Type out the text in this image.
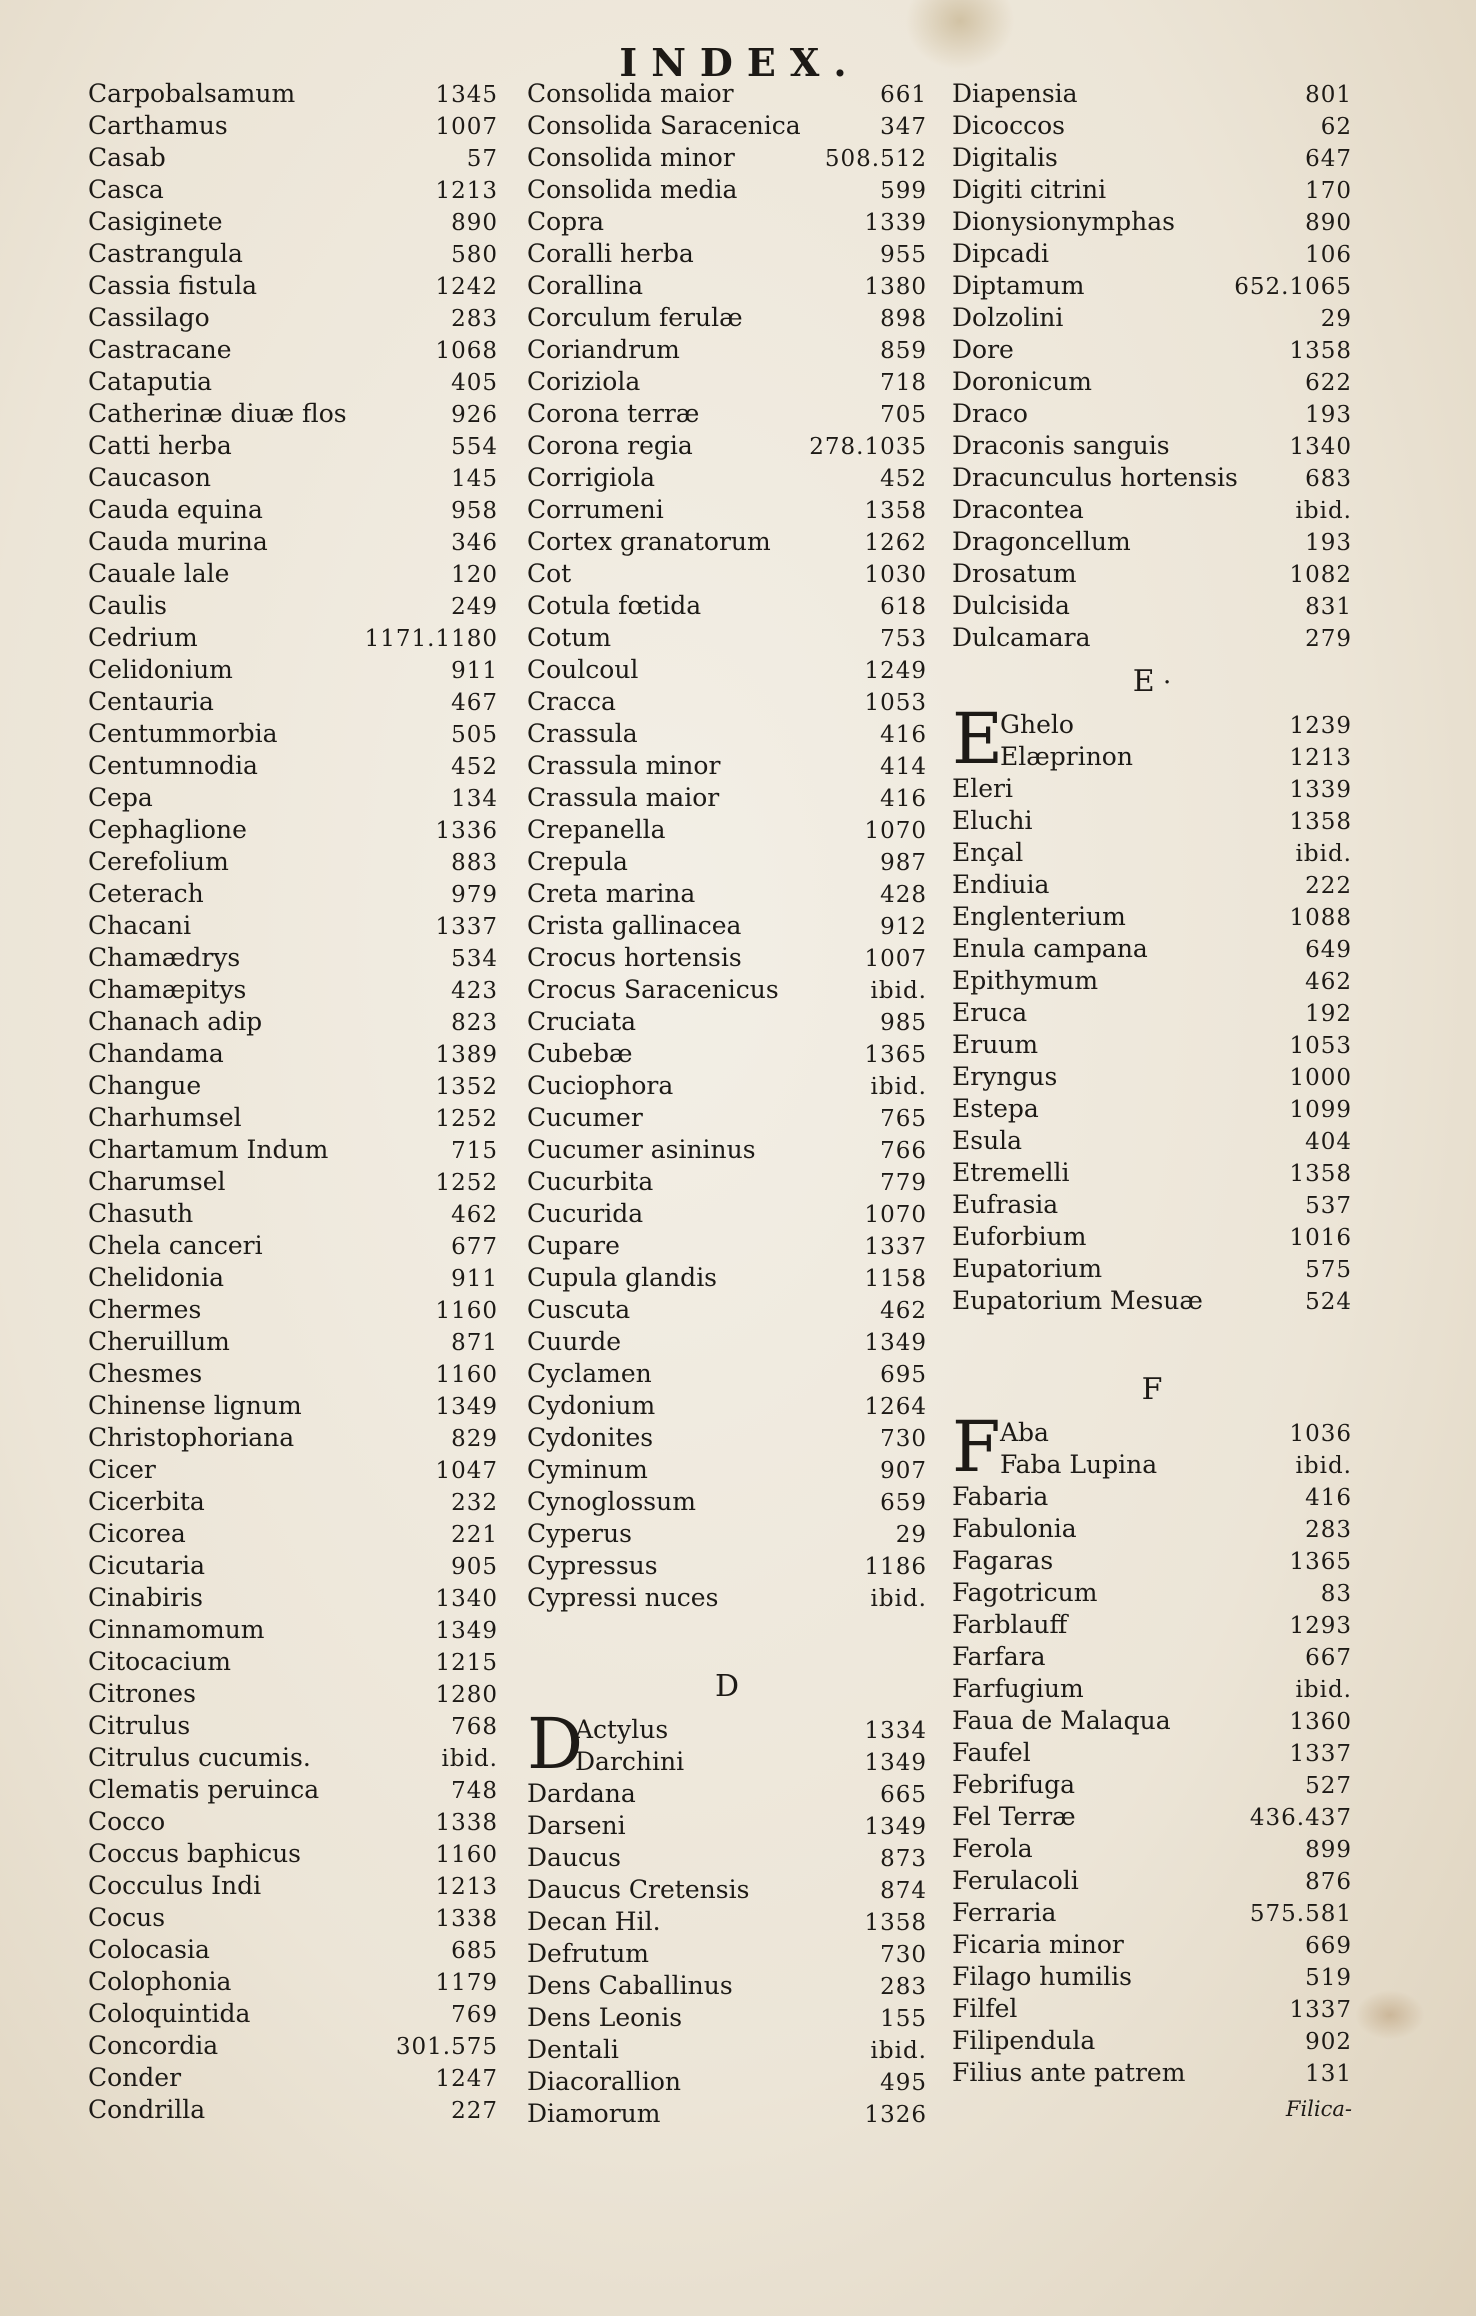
INDEX.
Carpobalsamum	1345
Carthamus	1007
Casab	57
Casca	1213
Casiginete	890
Castrangula	580
Cassia fistula	1242
Cassilago	283
Castracane	1068
Cataputia	405
Catherinæ diuæ flos	926
Catti herba	554
Caucason	145
Cauda equina	958
Cauda murina	346
Cauale lale	120
Caulis	249
Cedrium	1171.1180
Celidonium	911
Centauria	467
Centummorbia	505
Centumnodia	452
Cepa	134
Cephaglione	1336
Cerefolium	883
Ceterach	979
Chacani	1337
Chamædrys	534
Chamæpitys	423
Chanach adip	823
Chandama	1389
Changue	1352
Charhumsel	1252
Chartamum Indum	715
Charumsel	1252
Chasuth	462
Chela canceri	677
Chelidonia	911
Chermes	1160
Cheruillum	871
Chesmes	1160
Chinense lignum	1349
Christophoriana	829
Cicer	1047
Cicerbita	232
Cicorea	221
Cicutaria	905
Cinabiris	1340
Cinnamomum	1349
Citocacium	1215
Citrones	1280
Citrulus	768
Citrulus cucumis.	ibid.
Clematis peruinca	748
Cocco	1338
Coccus baphicus	1160
Cocculus Indi	1213
Cocus	1338
Colocasia	685
Colophonia	1179
Coloquintida	769
Concordia	301.575
Conder	1247
Condrilla	227
Consolida maior	661
Consolida Saracenica	347
Consolida minor	508.512
Consolida media	599
Copra	1339
Coralli herba	955
Corallina	1380
Corculum ferulæ	898
Coriandrum	859
Coriziola	718
Corona terræ	705
Corona regia	278.1035
Corrigiola	452
Corrumeni	1358
Cortex granatorum	1262
Cot	1030
Cotula fœtida	618
Cotum	753
Coulcoul	1249
Cracca	1053
Crassula	416
Crassula minor	414
Crassula maior	416
Crepanella	1070
Crepula	987
Creta marina	428
Crista gallinacea	912
Crocus hortensis	1007
Crocus Saracenicus	ibid.
Cruciata	985
Cubebæ	1365
Cuciophora	ibid.
Cucumer	765
Cucumer asininus	766
Cucurbita	779
Cucurida	1070
Cupare	1337
Cupula glandis	1158
Cuscuta	462
Cuurde	1349
Cyclamen	695
Cydonium	1264
Cydonites	730
Cyminum	907
Cynoglossum	659
Cyperus	29
Cypressus	1186
Cypressi nuces	ibid.
D
D
Actylus	1334
Darchini	1349
Dardana	665
Darseni	1349
Daucus	873
Daucus Cretensis	874
Decan Hil.	1358
Defrutum	730
Dens Caballinus	283
Dens Leonis	155
Dentali	ibid.
Diacorallion	495
Diamorum	1326
Diapensia	801
Dicoccos	62
Digitalis	647
Digiti citrini	170
Dionysionymphas	890
Dipcadi	106
Diptamum	652.1065
Dolzolini	29
Dore	1358
Doronicum	622
Draco	193
Draconis sanguis	1340
Dracunculus hortensis	683
Dracontea	ibid.
Dragoncellum	193
Drosatum	1082
Dulcisida	831
Dulcamara	279
E ·
E
Ghelo	1239
Elæprinon	1213
Eleri	1339
Eluchi	1358
Ençal	ibid.
Endiuia	222
Englenterium	1088
Enula campana	649
Epithymum	462
Eruca	192
Eruum	1053
Eryngus	1000
Estepa	1099
Esula	404
Etremelli	1358
Eufrasia	537
Euforbium	1016
Eupatorium	575
Eupatorium Mesuæ	524
F
F Aba	1036
Faba Lupina	ibid.
Fabaria	416
Fabulonia	283
Fagaras	1365
Fagotricum	83
Farblauff	1293
Farfara	667
Farfugium	ibid.
Faua de Malaqua	1360
Faufel	1337
Febrifuga	527
Fel Terræ	436.437
Ferola	899
Ferulacoli	876
Ferraria	575.581
Ficaria minor	669
Filago humilis	519
Filfel	1337
Filipendula	902
Filius ante patrem	131
Filica-
